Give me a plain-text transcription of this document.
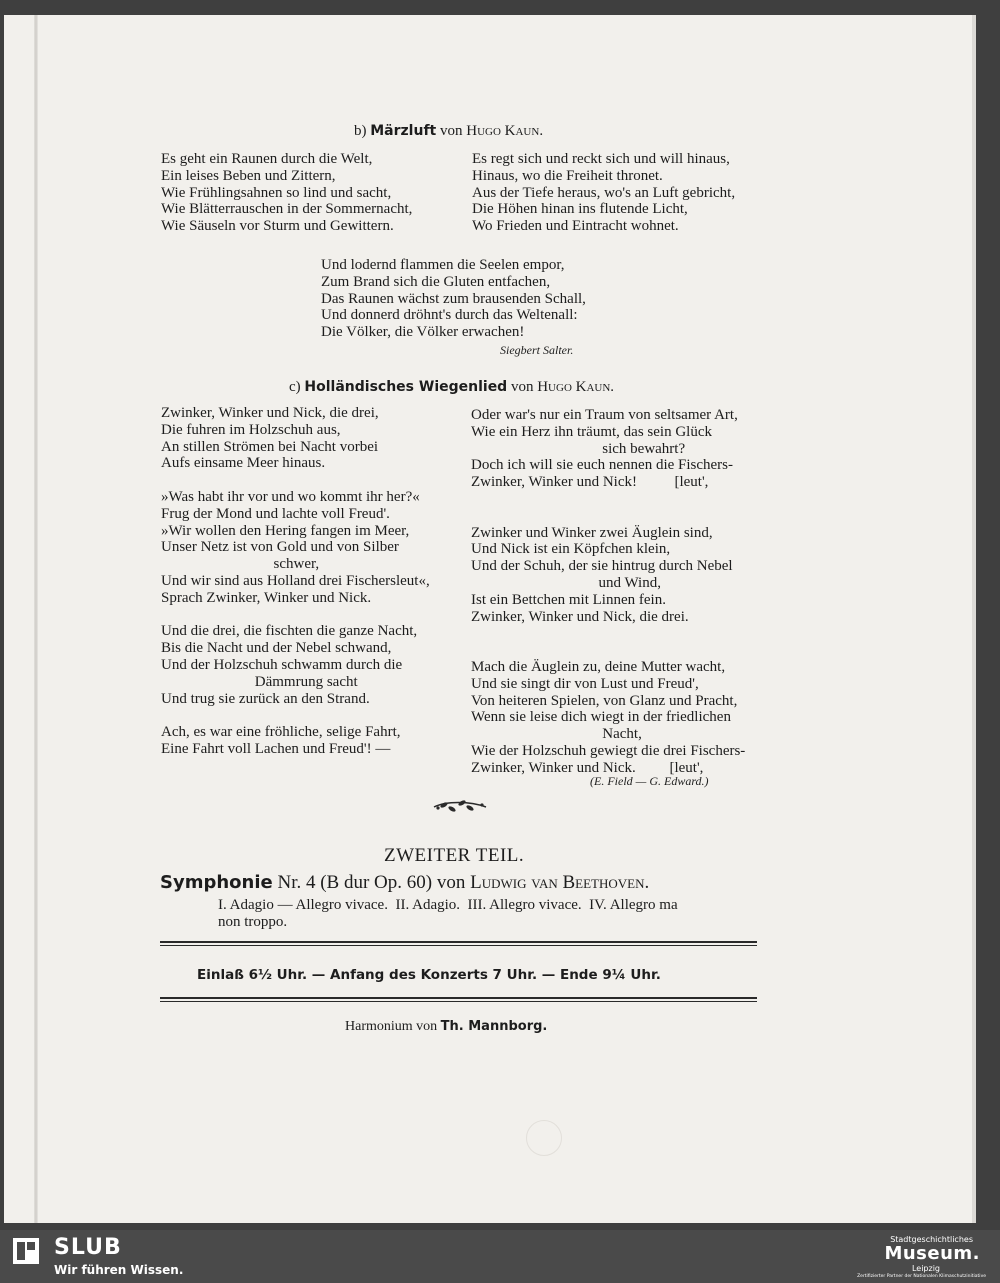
b) Märzluft von Hugo Kaun.
Es geht ein Raunen durch die Welt,
Ein leises Beben und Zittern,
Wie Frühlingsahnen so lind und sacht,
Wie Blätterrauschen in der Sommernacht,
Wie Säuseln vor Sturm und Gewittern.
Es regt sich und reckt sich und will hinaus,
Hinaus, wo die Freiheit thronet.
Aus der Tiefe heraus, wo's an Luft gebricht,
Die Höhen hinan ins flutende Licht,
Wo Frieden und Eintracht wohnet.
Und lodernd flammen die Seelen empor,
Zum Brand sich die Gluten entfachen,
Das Raunen wächst zum brausenden Schall,
Und donnerd dröhnt's durch das Weltenall:
Die Völker, die Völker erwachen!
Siegbert Salter.
c) Holländisches Wiegenlied von Hugo Kaun.
Zwinker, Winker und Nick, die drei,
Die fuhren im Holzschuh aus,
An stillen Strömen bei Nacht vorbei
Aufs einsame Meer hinaus.

»Was habt ihr vor und wo kommt ihr her?«
Frug der Mond und lachte voll Freud'.
»Wir wollen den Hering fangen im Meer,
Unser Netz ist von Gold und von Silber
schwer,
Und wir sind aus Holland drei Fischersleut«,
Sprach Zwinker, Winker und Nick.

Und die drei, die fischten die ganze Nacht,
Bis die Nacht und der Nebel schwand,
Und der Holzschuh schwamm durch die
Dämmrung sacht
Und trug sie zurück an den Strand.

Ach, es war eine fröhliche, selige Fahrt,
Eine Fahrt voll Lachen und Freud'! —
Oder war's nur ein Traum von seltsamer Art,
Wie ein Herz ihn träumt, das sein Glück
sich bewahrt?
Doch ich will sie euch nennen die Fischers-
Zwinker, Winker und Nick!          [leut',

Zwinker und Winker zwei Äuglein sind,
Und Nick ist ein Köpfchen klein,
Und der Schuh, der sie hintrug durch Nebel
und Wind,
Ist ein Bettchen mit Linnen fein.
Zwinker, Winker und Nick, die drei.

Mach die Äuglein zu, deine Mutter wacht,
Und sie singt dir von Lust und Freud',
Von heiteren Spielen, von Glanz und Pracht,
Wenn sie leise dich wiegt in der friedlichen
Nacht,
Wie der Holzschuh gewiegt die drei Fischers-
Zwinker, Winker und Nick.         [leut',
(E. Field — G. Edward.)
ZWEITER TEIL.
Symphonie Nr. 4 (B dur Op. 60) von Ludwig van Beethoven.
I. Adagio — Allegro vivace.  II. Adagio.  III. Allegro vivace.  IV. Allegro ma
non troppo.
Einlaß 6½ Uhr. — Anfang des Konzerts 7 Uhr. — Ende 9¼ Uhr.
Harmonium von Th. Mannborg.
SLUB
Wir führen Wissen.
Stadtgeschichtliches
Museum.
Leipzig
Zertifizierter Partner der Nationalen Klimaschutzinitiative
